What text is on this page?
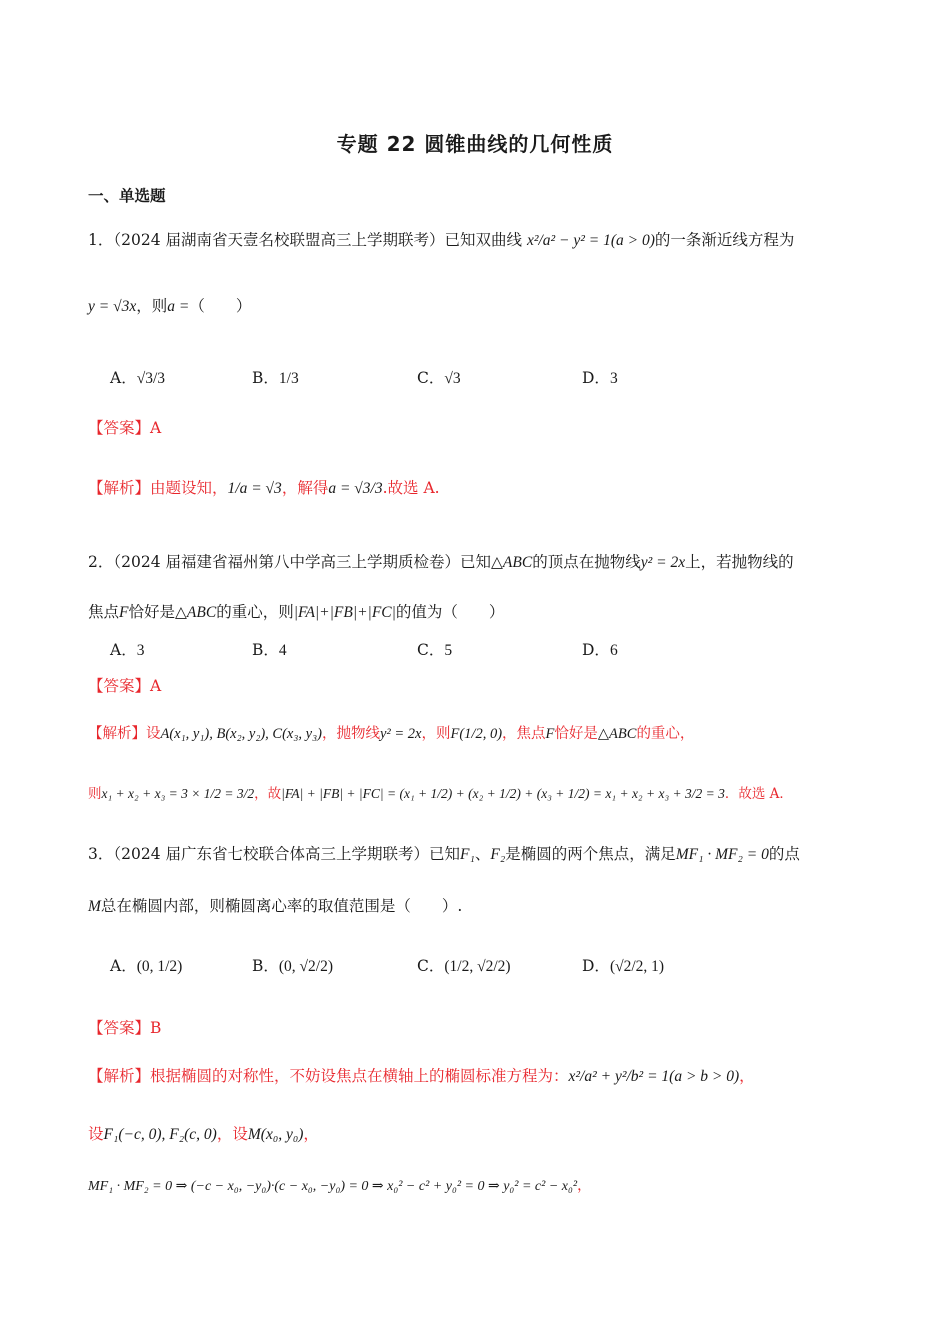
专题 22 圆锥曲线的几何性质
一、单选题
1．（2024 届湖南省天壹名校联盟高三上学期联考）已知双曲线 x²/a² − y² = 1(a > 0)的一条渐近线方程为
y = √3x，则a =（　　）
A．√3/3	B．1/3	C．√3	D．3
【答案】A
【解析】由题设知，1/a = √3，解得a = √3/3.故选 A.
2．（2024 届福建省福州第八中学高三上学期质检卷）已知△ABC的顶点在抛物线y² = 2x上，若抛物线的
焦点F恰好是△ABC的重心，则|FA|+|FB|+|FC|的值为（　　）
A．3	B．4	C．5	D．6
【答案】A
【解析】设A(x₁, y₁), B(x₂, y₂), C(x₃, y₃)，抛物线y² = 2x，则F(1/2, 0)，焦点F恰好是△ABC的重心，
则x₁ + x₂ + x₃ = 3 × 1/2 = 3/2，故|FA| + |FB| + |FC| = (x₁ + 1/2) + (x₂ + 1/2) + (x₃ + 1/2) = x₁ + x₂ + x₃ + 3/2 = 3．故选 A．
3．（2024 届广东省七校联合体高三上学期联考）已知F₁、F₂是椭圆的两个焦点，满足MF₁ · MF₂ = 0的点
M总在椭圆内部，则椭圆离心率的取值范围是（　　）.
A．(0, 1/2)	B．(0, √2/2)	C．(1/2, √2/2)	D．(√2/2, 1)
【答案】B
【解析】根据椭圆的对称性，不妨设焦点在横轴上的椭圆标准方程为：x²/a² + y²/b² = 1(a > b > 0)，
设F₁(−c, 0), F₂(c, 0)，设M(x₀, y₀)，
MF₁ · MF₂ = 0 ⇒ (−c − x₀, −y₀)·(c − x₀, −y₀) = 0 ⇒ x₀² − c² + y₀² = 0 ⇒ y₀² = c² − x₀²，
